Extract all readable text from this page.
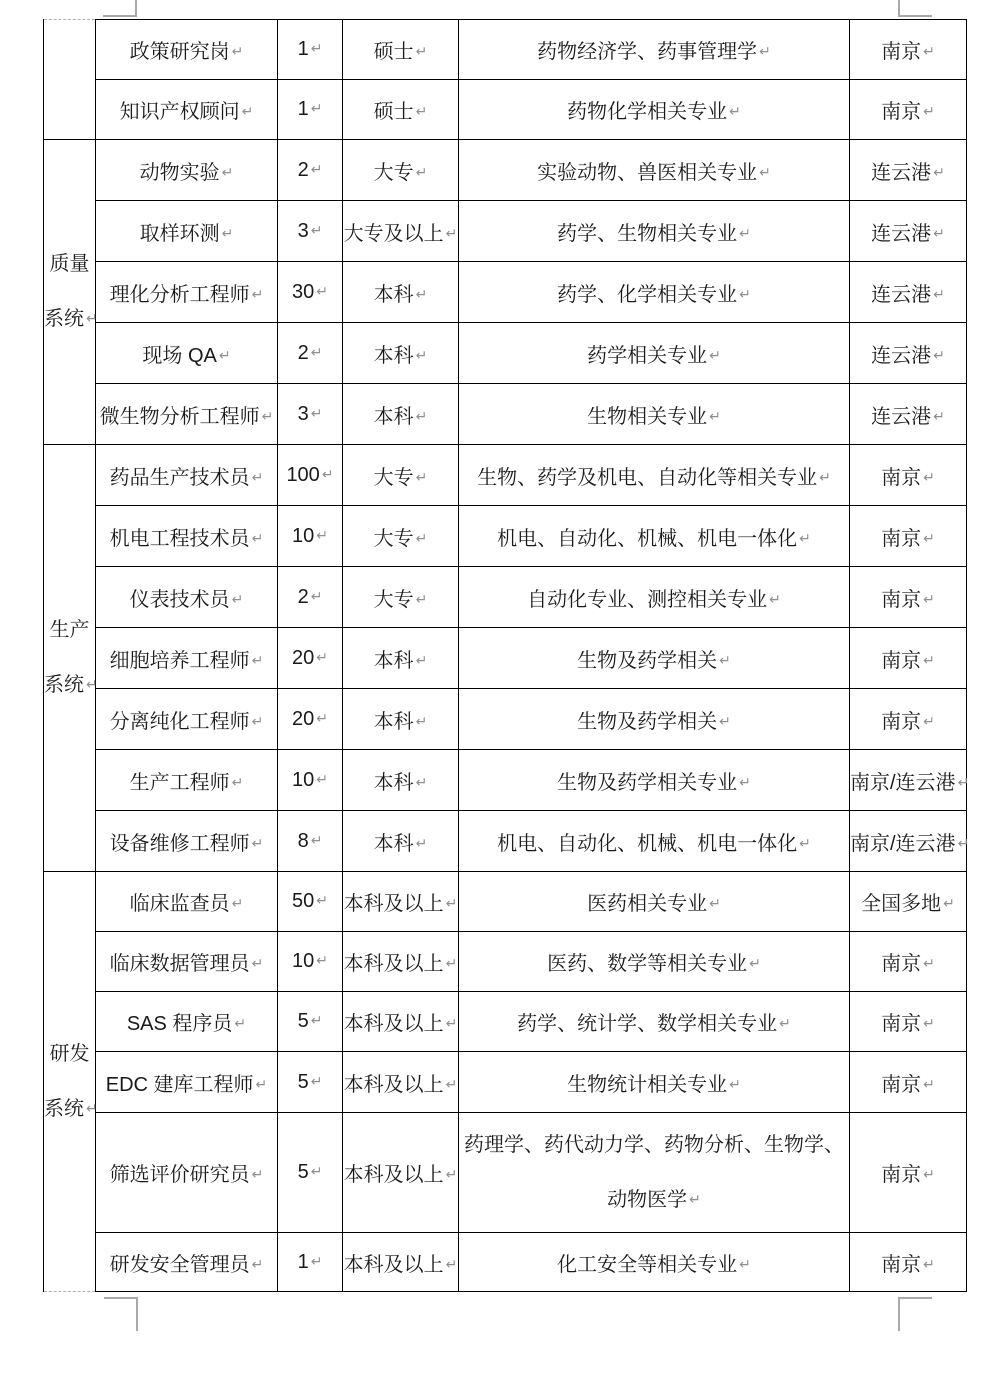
	政策研究岗 ↵	1 ↵	硕士 ↵	药物经济学、药事管理学 ↵	南京 ↵
	知识产权顾问 ↵	1 ↵	硕士 ↵	药物化学相关专业 ↵	南京 ↵

质量
系统 ↵	动物实验 ↵	2 ↵	大专 ↵	实验动物、兽医相关专业 ↵	连云港 ↵
	取样环测 ↵	3 ↵	大专及以上 ↵	药学、生物相关专业 ↵	连云港 ↵
	理化分析工程师 ↵	30 ↵	本科 ↵	药学、化学相关专业 ↵	连云港 ↵
	现场 QA ↵	2 ↵	本科 ↵	药学相关专业 ↵	连云港 ↵
	微生物分析工程师 ↵	3 ↵	本科 ↵	生物相关专业 ↵	连云港 ↵

生产
系统 ↵	药品生产技术员 ↵	100 ↵	大专 ↵	生物、药学及机电、自动化等相关专业 ↵	南京 ↵
	机电工程技术员 ↵	10 ↵	大专 ↵	机电、自动化、机械、机电一体化 ↵	南京 ↵
	仪表技术员 ↵	2 ↵	大专 ↵	自动化专业、测控相关专业 ↵	南京 ↵
	细胞培养工程师 ↵	20 ↵	本科 ↵	生物及药学相关 ↵	南京 ↵
	分离纯化工程师 ↵	20 ↵	本科 ↵	生物及药学相关 ↵	南京 ↵
	生产工程师 ↵	10 ↵	本科 ↵	生物及药学相关专业 ↵	南京/连云港 ↵
	设备维修工程师 ↵	8 ↵	本科 ↵	机电、自动化、机械、机电一体化 ↵	南京/连云港 ↵

研发
系统 ↵	临床监查员 ↵	50 ↵	本科及以上 ↵	医药相关专业 ↵	全国多地 ↵
	临床数据管理员 ↵	10 ↵	本科及以上 ↵	医药、数学等相关专业 ↵	南京 ↵
	SAS 程序员 ↵	5 ↵	本科及以上 ↵	药学、统计学、数学相关专业 ↵	南京 ↵
	EDC 建库工程师 ↵	5 ↵	本科及以上 ↵	生物统计相关专业 ↵	南京 ↵
	筛选评价研究员 ↵	5 ↵	本科及以上 ↵	药理学、药代动力学、药物分析、生物学、
动物医学 ↵	南京 ↵
	研发安全管理员 ↵	1 ↵	本科及以上 ↵	化工安全等相关专业 ↵	南京 ↵
